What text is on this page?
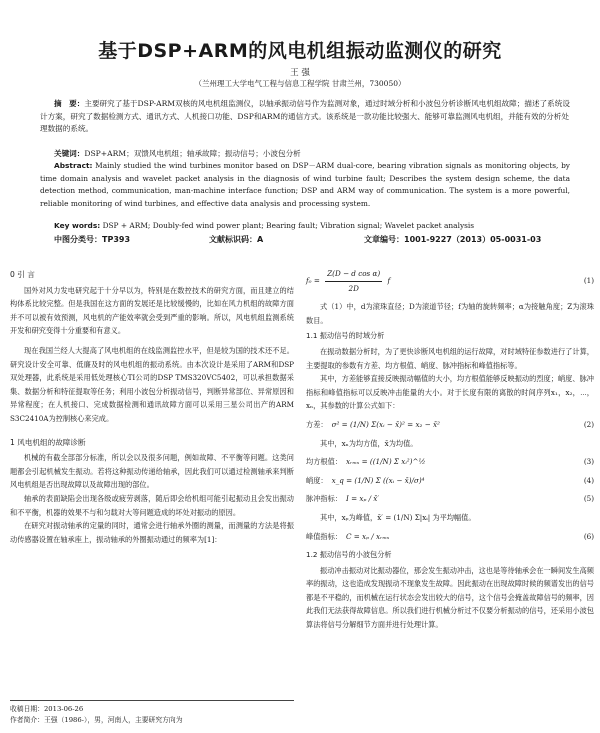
基于DSP+ARM的风电机组振动监测仪的研究
王 强
（兰州理工大学电气工程与信息工程学院 甘肃兰州，730050）
摘　要：主要研究了基于DSP-ARM双核的风电机组监测仪，以轴承振动信号作为监测对象，通过时域分析和小波包分析诊断风电机组故障；描述了系统设计方案，研究了数据检测方式、通讯方式、人机接口功能、DSP和ARM的通信方式。该系统是一款功能比较强大、能够可靠监测风电机组，并能有效的分析处理数据的系统。
关键词：DSP+ARM；双馈风电机组；轴承故障；振动信号；小波包分析
Abstract: Mainly studied the wind turbines monitor based on DSP－ARM dual-core, bearing vibration signals as monitoring objects, by time domain analysis and wavelet packet analysis in the diagnosis of wind turbine fault; Describes the system design scheme, the data detection method, communication, man-machine interface function; DSP and ARM way of communication. The system is a more powerful, reliable monitoring of wind turbines, and effective data analysis and processing system.
Key words: DSP + ARM; Doubly-fed wind power plant; Bearing fault; Vibration signal; Wavelet packet analysis
中图分类号：TP393	文献标识码：A	文章编号：1001-9227（2013）05-0031-03
0 引 言

国外对风力发电研究起于十分早以为，特别是在数控技术的研究方面，而且建立的结构体系比较完整。但是我国在这方面的发展还是比较缓慢的，比如在风力机组的故障方面并不可以被有效预测，风电机的产能效率就会受到严重的影响。所以，风电机组监测系统开发和研究变得十分重要和有意义。

现在我国兰经人大提高了风电机组的在线监测监控水平，但是较为国的技术还不足。研究设计安全可靠、低廉及时的风电机组的振动系统。由本次设计是采用了ARM和DSP双处理器，此系统是采用低处理核心TI公司的DSP TMS320VC5402，可以承担数据采集、数据分析和特征提取等任务；利用小波包分析振动信号，判断异常部位、异常原因和异常程度；在人机接口、完成数据检测和通讯故障方面可以采用三星公司出产的ARM S3C2410A为控制核心来完成。

1 风电机组的故障诊断

机械的有截全部部分标准，所以会以及很多问题，例如故障、不平衡等问题。这类问题都会引起机械发生振动。若将这种振动传递给轴承，因此我们可以通过检测轴承来判断风电机组是否出现故障以及故障出现的部位。

轴承的表面缺陷会出现各级或疲劳剥落，随后即会给机组可能引起振动且会发出振动和不平衡，机器的效果不与和匀载对大等问题造成的坏处对振动的原因。

在研究对振动轴承的定量的同时，通常会进行轴承外圈的测量，而测量的方法是将振动传感器设置在轴承座上，振动轴承的外圈振动通过的频率为[1]：

$f_0 = \frac{\text{Z(D − d cos α)}}{2D}$ f	(1)

式（1）中，d为滚珠直径；D为滚道节径；f为轴的旋转频率；α为接触角度；Z为滚珠数目。

1.1 振动信号的时域分析

在振动数据分析时，为了更快诊断风电机组的运行故障，对时域特征参数进行了计算，主要提取的参数有方差、均方根值、峭度、脉冲指标和峰值指标等。

其中，方差能够直接反映振动幅值的大小，均方根值能够反映振动的烈度；峭度、脉冲指标和峰值指标可以反映冲击能量的大小。对于长度有限的离散的时间序列x₁，x₂，⋯，xₙ，其参数的计算公式如下：

方差： σ² = (1/N) Σ(xᵢ − x̄)² = x₂ − x̄²	(2)

其中，xₙ为均方值，x̄为均值。

均方根值： xᵣₘₛ = ((1/N) Σ xᵢ²)^½	(3)
峭度： x_q = (1/N) Σ ((xᵢ − x̄)/σ)⁴	(4)
脉冲指标： I = xₚ / x̄′	(5)

其中，xₚ为峰值，x̄′ = (1/N) Σ|xᵢ| 为平均幅值。

峰值指标： C = xₚ / xᵣₘₛ	(6)
1.2 振动信号的小波包分析

振动冲击振动对比振动器位，那会发生振动冲击，这也是等待轴承会在一瞬间发生高频率的振动，这也造成发现振动不现象发生故障。因此振动在出现故障时候的频谱发出的信号都是不平稳的，而机械在运行状态会发出较大的信号，这个信号会掩盖故障信号的频率，因此我们无法获得故障信息。所以我们进行机械分析过不仅要分析振动的信号，还采用小波包算法将信号分解细节方面并进行处理计算。

收稿日期：2013-06-26
作者简介：王强（1986-），男，河南人，主要研究方向为
